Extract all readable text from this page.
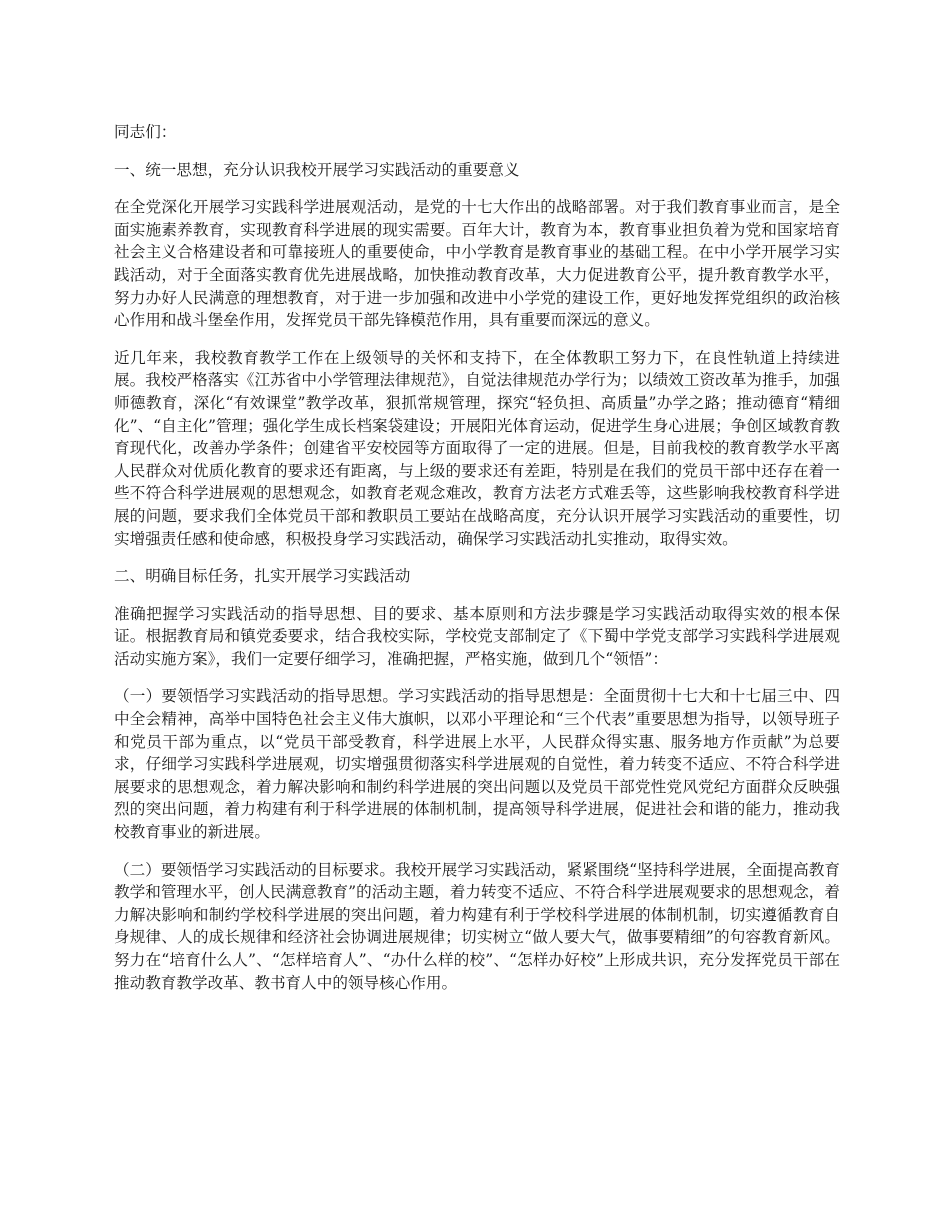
同志们：

一、统一思想，充分认识我校开展学习实践活动的重要意义

在全党深化开展学习实践科学进展观活动，是党的十七大作出的战略部署。对于我们教育事业而言，是全面实施素养教育，实现教育科学进展的现实需要。百年大计，教育为本，教育事业担负着为党和国家培育社会主义合格建设者和可靠接班人的重要使命，中小学教育是教育事业的基础工程。在中小学开展学习实践活动，对于全面落实教育优先进展战略，加快推动教育改革，大力促进教育公平，提升教育教学水平，努力办好人民满意的理想教育，对于进一步加强和改进中小学党的建设工作，更好地发挥党组织的政治核心作用和战斗堡垒作用，发挥党员干部先锋模范作用，具有重要而深远的意义。

近几年来，我校教育教学工作在上级领导的关怀和支持下，在全体教职工努力下，在良性轨道上持续进展。我校严格落实《江苏省中小学管理法律规范》，自觉法律规范办学行为；以绩效工资改革为推手，加强师德教育，深化“有效课堂”教学改革，狠抓常规管理，探究“轻负担、高质量”办学之路；推动德育“精细化”、“自主化”管理；强化学生成长档案袋建设；开展阳光体育运动，促进学生身心进展；争创区域教育教育现代化，改善办学条件；创建省平安校园等方面取得了一定的进展。但是，目前我校的教育教学水平离人民群众对优质化教育的要求还有距离，与上级的要求还有差距，特别是在我们的党员干部中还存在着一些不符合科学进展观的思想观念，如教育老观念难改，教育方法老方式难丢等，这些影响我校教育科学进展的问题，要求我们全体党员干部和教职员工要站在战略高度，充分认识开展学习实践活动的重要性，切实增强责任感和使命感，积极投身学习实践活动，确保学习实践活动扎实推动，取得实效。

二、明确目标任务，扎实开展学习实践活动

准确把握学习实践活动的指导思想、目的要求、基本原则和方法步骤是学习实践活动取得实效的根本保证。根据教育局和镇党委要求，结合我校实际，学校党支部制定了《下蜀中学党支部学习实践科学进展观活动实施方案》，我们一定要仔细学习，准确把握，严格实施，做到几个“领悟”：

（一）要领悟学习实践活动的指导思想。学习实践活动的指导思想是：全面贯彻十七大和十七届三中、四中全会精神，高举中国特色社会主义伟大旗帜，以邓小平理论和“三个代表”重要思想为指导，以领导班子和党员干部为重点，以“党员干部受教育，科学进展上水平，人民群众得实惠、服务地方作贡献”为总要求，仔细学习实践科学进展观，切实增强贯彻落实科学进展观的自觉性，着力转变不适应、不符合科学进展要求的思想观念，着力解决影响和制约科学进展的突出问题以及党员干部党性党风党纪方面群众反映强烈的突出问题，着力构建有利于科学进展的体制机制，提高领导科学进展，促进社会和谐的能力，推动我校教育事业的新进展。

（二）要领悟学习实践活动的目标要求。我校开展学习实践活动，紧紧围绕“坚持科学进展，全面提高教育教学和管理水平，创人民满意教育”的活动主题，着力转变不适应、不符合科学进展观要求的思想观念，着力解决影响和制约学校科学进展的突出问题，着力构建有利于学校科学进展的体制机制，切实遵循教育自身规律、人的成长规律和经济社会协调进展规律；切实树立“做人要大气，做事要精细”的句容教育新风。努力在“培育什么人”、“怎样培育人”、“办什么样的校”、“怎样办好校”上形成共识，充分发挥党员干部在推动教育教学改革、教书育人中的领导核心作用。
